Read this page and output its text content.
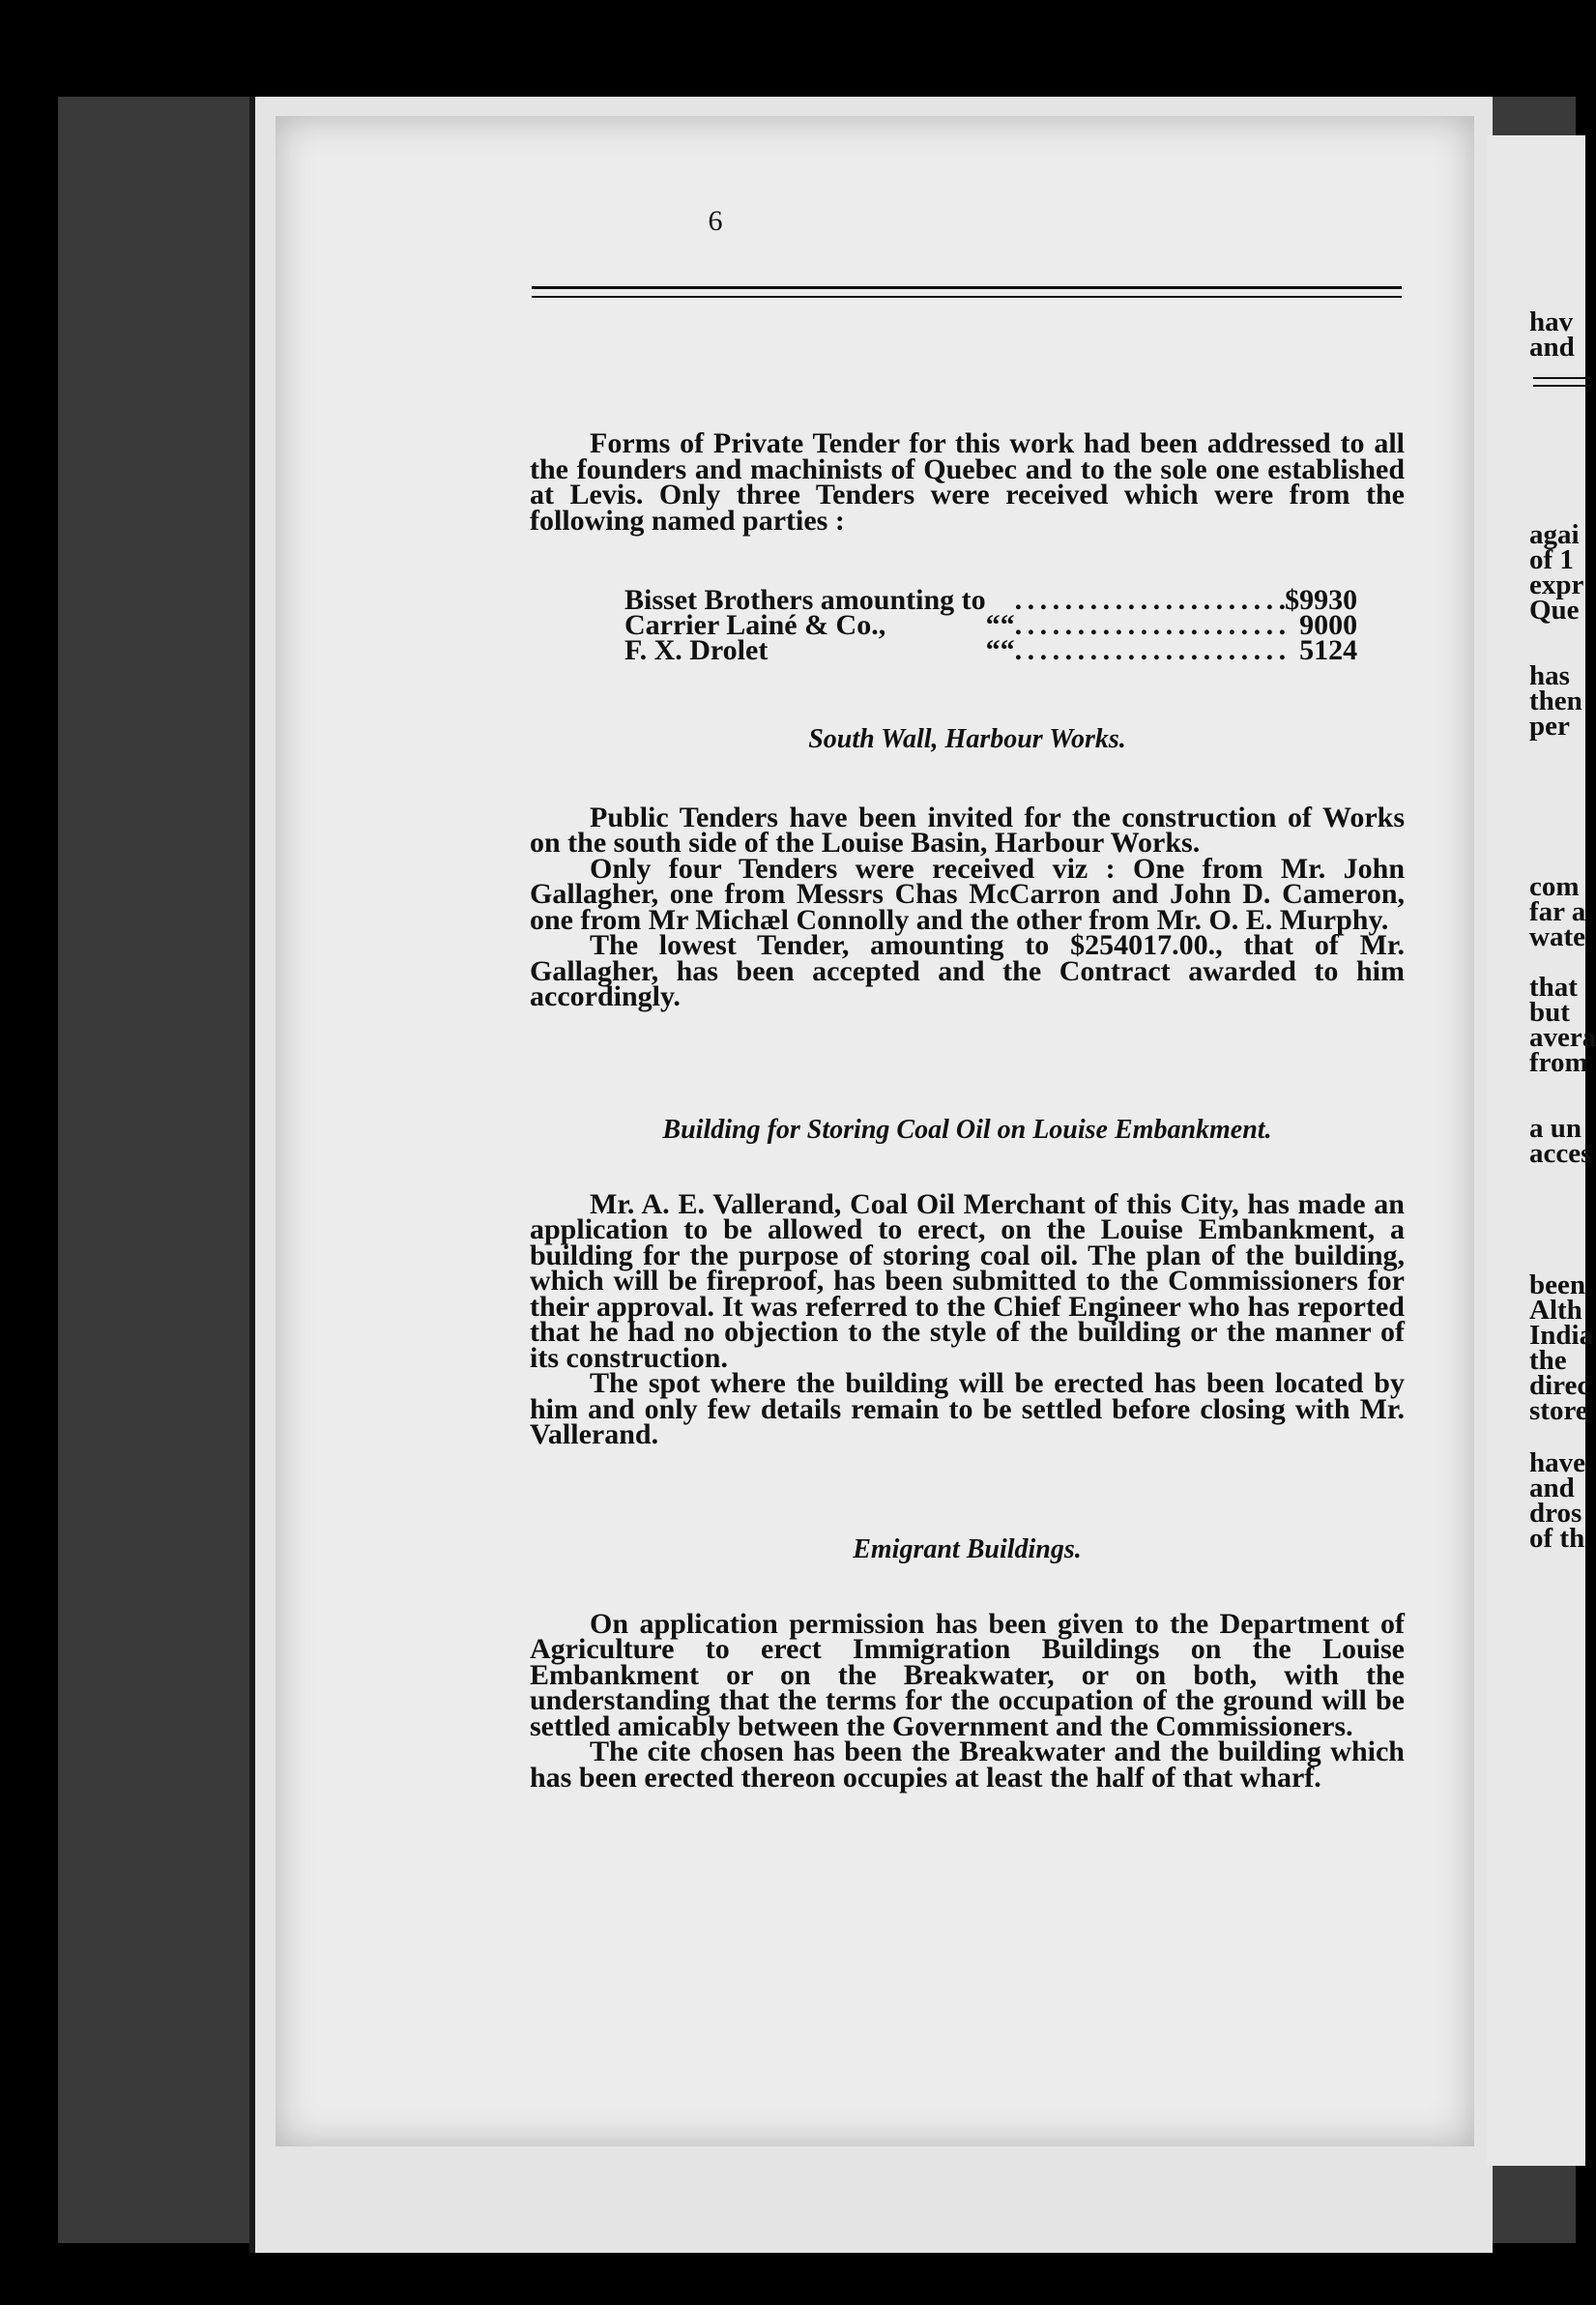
6

Forms of Private Tender for this work had been addressed to all the founders and machinists of Quebec and to the sole one established at Levis. Only three Tenders were received which were from the following named parties :

Bisset Brothers amounting to			. . .	$9930
Carrier Lainé & Co.,	“	“	. . .	9000
F. X. Drolet	“	“	. . .	5124

South Wall, Harbour Works.

Public Tenders have been invited for the construction of Works on the south side of the Louise Basin, Harbour Works.

Only four Tenders were received viz : One from Mr. John Gallagher, one from Messrs Chas McCarron and John D. Cameron, one from Mr Michæl Connolly and the other from Mr. O. E. Murphy.

The lowest Tender, amounting to $254017.00., that of Mr. Gallagher, has been accepted and the Contract awarded to him accordingly.

Building for Storing Coal Oil on Louise Embankment.

Mr. A. E. Vallerand, Coal Oil Merchant of this City, has made an application to be allowed to erect, on the Louise Embankment, a building for the purpose of storing coal oil. The plan of the building, which will be fireproof, has been submitted to the Commissioners for their approval. It was referred to the Chief Engineer who has reported that he had no objection to the style of the building or the manner of its construction.

The spot where the building will be erected has been located by him and only few details remain to be settled before closing with Mr. Vallerand.

Emigrant Buildings.

On application permission has been given to the Department of Agriculture to erect Immigration Buildings on the Louise Embankment or on the Breakwater, or on both, with the understanding that the terms for the occupation of the ground will be settled amicably between the Government and the Commissioners.

The cite chosen has been the Breakwater and the building which has been erected thereon occupies at least the half of that wharf.

hav
and
agai
of 1
expr
Que
has
then
per
com
far a
wate
that
but
avera
from
a un
acces
been
Alth
India
the
direc
store
have
and
dros
of th
